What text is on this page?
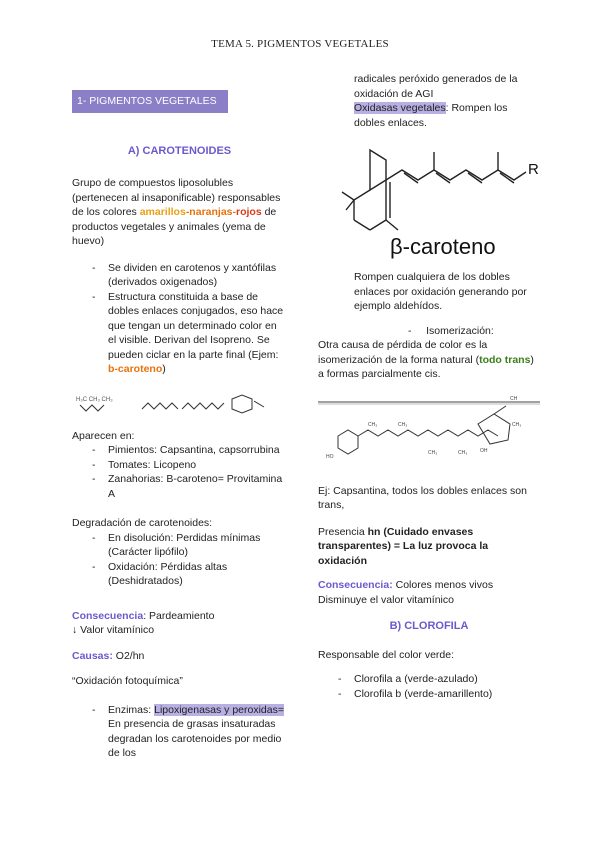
TEMA 5. PIGMENTOS VEGETALES
1- PIGMENTOS VEGETALES
A) CAROTENOIDES

Grupo de compuestos liposolubles (pertenecen al insaponificable) responsables de los colores amarillos-naranjas-rojos de productos vegetales y animales (yema de huevo)

- Se dividen en carotenos y xantófilas (derivados oxigenados)
- Estructura constituida a base de dobles enlaces conjugados, eso hace que tengan un determinado color en el visible. Derivan del Isopreno. Se pueden ciclar en la parte final (Ejem: b-caroteno)
H₃C CH₃ CH₃

Aparecen en:

- Pimientos: Capsantina, capsorrubina
- Tomates: Licopeno
- Zanahorias: B-caroteno= Provitamina A

Degradación de carotenoides:

- En disolución: Perdidas mínimas (Carácter lipófilo)
- Oxidación: Pérdidas altas (Deshidratados)

Consecuencia: Pardeamiento

↓ Valor vitamínico

Causas: O2/hn

“Oxidación fotoquímica”

- Enzimas: Lipoxigenasas y peroxidas= En presencia de grasas insaturadas degradan los carotenoides por medio de los

radicales peróxido generados de la oxidación de AGI

Oxidasas vegetales: Rompen los dobles enlaces.

R
β-caroteno

Rompen cualquiera de los dobles enlaces por oxidación generando por ejemplo aldehídos.

-     Isomerización:

Otra causa de pérdida de color es la isomerización de la forma natural (todo trans) a formas parcialmente cis.

CH
HO
CH₃	CH₃
CH₃	CH₃
CH₃
OH

Ej: Capsantina, todos los dobles enlaces son trans,

Presencia hn (Cuidado envases transparentes) = La luz provoca la oxidación

Consecuencia: Colores menos vivos

Disminuye el valor vitamínico

B) CLOROFILA

Responsable del color verde:

- Clorofila a (verde-azulado)
- Clorofila b (verde-amarillento)
